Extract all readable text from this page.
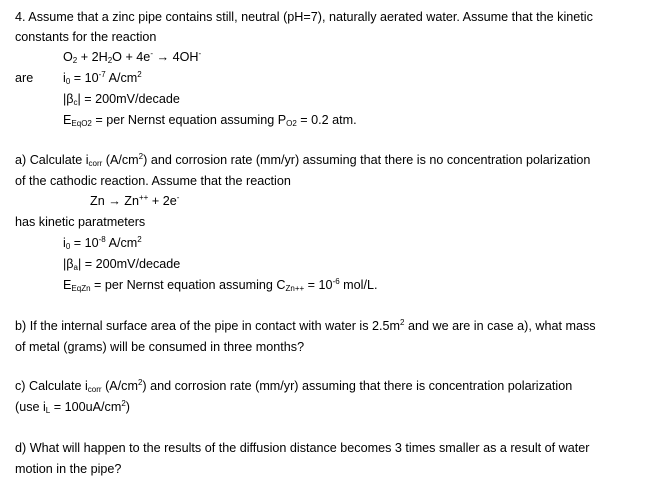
4. Assume that a zinc pipe contains still, neutral (pH=7), naturally aerated water. Assume that the kinetic
constants for the reaction
$O_2 + 2H_2O + 4e^- \to 4OH^-$
are $i_0 = 10^{-7}$ $A/cm^2$
$|\beta_c|$ = 200mV/decade
$E_{EqO2}$ = per Nernst equation assuming $P_{O2} = 0.2$ atm.
a) Calculate $i_{corr}$ $(A/cm^2)$ and corrosion rate (mm/yr) assuming that there is no concentration polarization
of the cathodic reaction. Assume that the reaction
Zn → Zn++ + 2e-
has kinetic paratmeters
$i_0 = 10^{-8}$ $A/cm^2$
$|\beta_a|$ = 200mV/decade
$E_{EqZn}$ = per Nernst equation assuming $C_{Zn++} = 10^{-6}$ mol/L.
b) If the internal surface area of the pipe in contact with water is $2.5m^2$ and we are in case a), what mass
of metal (grams) will be consumed in three months?
c) Calculate $i_{corr}$ $(A/cm^2)$ and corrosion rate (mm/yr) assuming that there is concentration polarization
(use $i_L = 100uA/cm^2$)
d) What will happen to the results of the diffusion distance becomes 3 times smaller as a result of water
motion in the pipe?
